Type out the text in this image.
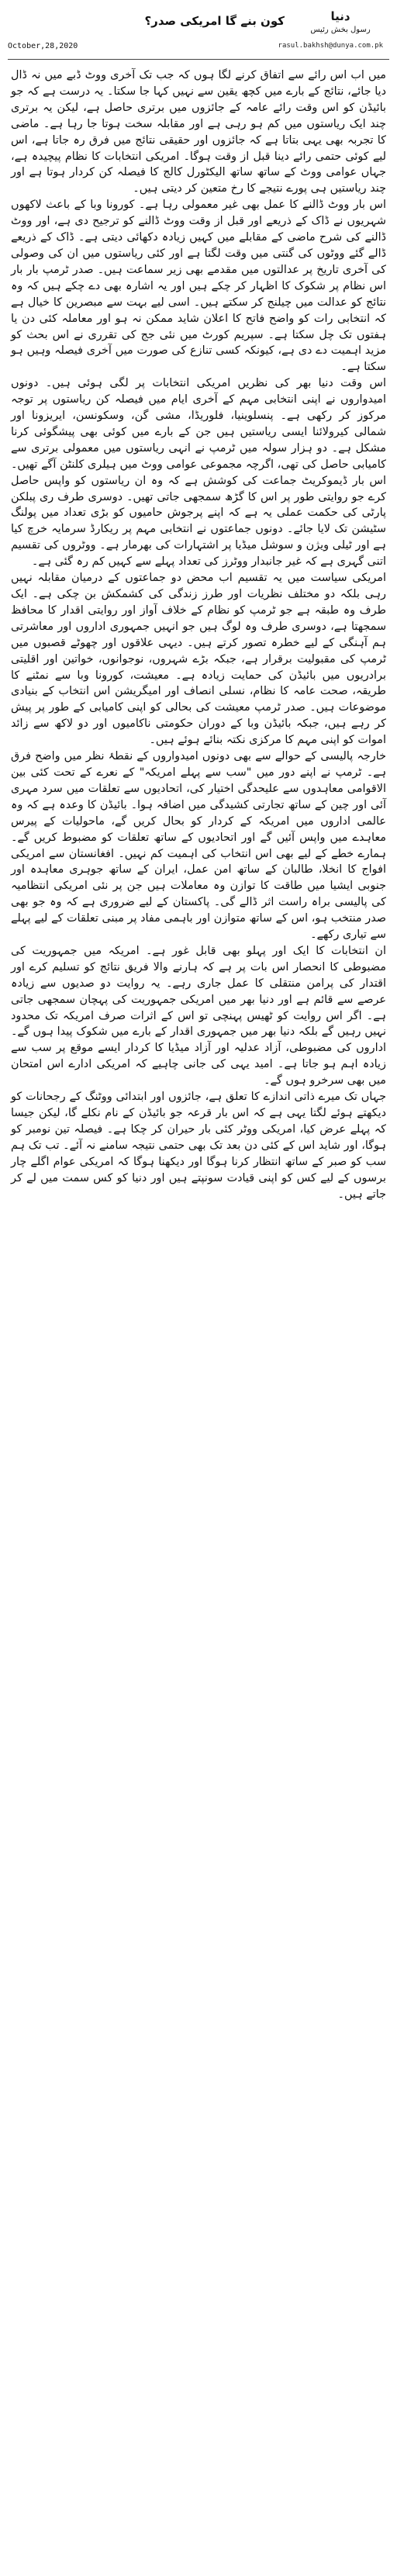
دنیا
رسول بخش رئیس
کون بنے گا امریکی صدر؟
October,28,2020	rasul.bakhsh@dunya.com.pk

میں اب اس رائے سے اتفاق کرنے لگا ہوں کہ جب تک آخری ووٹ ڈبے میں نہ ڈال دیا جائے، نتائج کے بارے میں کچھ یقین سے نہیں کہا جا سکتا۔ یہ درست ہے کہ جو بائیڈن کو اس وقت رائے عامہ کے جائزوں میں برتری حاصل ہے، لیکن یہ برتری چند ایک ریاستوں میں کم ہو رہی ہے اور مقابلہ سخت ہوتا جا رہا ہے۔ ماضی کا تجربہ بھی یہی بتاتا ہے کہ جائزوں اور حقیقی نتائج میں فرق رہ جاتا ہے، اس لیے کوئی حتمی رائے دینا قبل از وقت ہوگا۔ امریکی انتخابات کا نظام پیچیدہ ہے، جہاں عوامی ووٹ کے ساتھ ساتھ الیکٹورل کالج کا فیصلہ کن کردار ہوتا ہے اور چند ریاستیں ہی پورے نتیجے کا رخ متعین کر دیتی ہیں۔

اس بار ووٹ ڈالنے کا عمل بھی غیر معمولی رہا ہے۔ کورونا وبا کے باعث لاکھوں شہریوں نے ڈاک کے ذریعے اور قبل از وقت ووٹ ڈالنے کو ترجیح دی ہے، اور ووٹ ڈالنے کی شرح ماضی کے مقابلے میں کہیں زیادہ دکھائی دیتی ہے۔ ڈاک کے ذریعے ڈالے گئے ووٹوں کی گنتی میں وقت لگتا ہے اور کئی ریاستوں میں ان کی وصولی کی آخری تاریخ پر عدالتوں میں مقدمے بھی زیر سماعت ہیں۔ صدر ٹرمپ بار بار اس نظام پر شکوک کا اظہار کر چکے ہیں اور یہ اشارہ بھی دے چکے ہیں کہ وہ نتائج کو عدالت میں چیلنج کر سکتے ہیں۔ اسی لیے بہت سے مبصرین کا خیال ہے کہ انتخابی رات کو واضح فاتح کا اعلان شاید ممکن نہ ہو اور معاملہ کئی دن یا ہفتوں تک چل سکتا ہے۔ سپریم کورٹ میں نئی جج کی تقرری نے اس بحث کو مزید اہمیت دے دی ہے، کیونکہ کسی تنازع کی صورت میں آخری فیصلہ وہیں ہو سکتا ہے۔

اس وقت دنیا بھر کی نظریں امریکی انتخابات پر لگی ہوئی ہیں۔ دونوں امیدواروں نے اپنی انتخابی مہم کے آخری ایام میں فیصلہ کن ریاستوں پر توجہ مرکوز کر رکھی ہے۔ پنسلوینیا، فلوریڈا، مشی گن، وسکونسن، ایریزونا اور شمالی کیرولائنا ایسی ریاستیں ہیں جن کے بارے میں کوئی بھی پیشگوئی کرنا مشکل ہے۔ دو ہزار سولہ میں ٹرمپ نے انہی ریاستوں میں معمولی برتری سے کامیابی حاصل کی تھی، اگرچہ مجموعی عوامی ووٹ میں ہیلری کلنٹن آگے تھیں۔ اس بار ڈیموکریٹ جماعت کی کوشش ہے کہ وہ ان ریاستوں کو واپس حاصل کرے جو روایتی طور پر اس کا گڑھ سمجھی جاتی تھیں۔ دوسری طرف ری پبلکن پارٹی کی حکمت عملی یہ ہے کہ اپنے پرجوش حامیوں کو بڑی تعداد میں پولنگ سٹیشن تک لایا جائے۔ دونوں جماعتوں نے انتخابی مہم پر ریکارڈ سرمایہ خرچ کیا ہے اور ٹیلی ویژن و سوشل میڈیا پر اشتہارات کی بھرمار ہے۔ ووٹروں کی تقسیم اتنی گہری ہے کہ غیر جانبدار ووٹرز کی تعداد پہلے سے کہیں کم رہ گئی ہے۔

امریکی سیاست میں یہ تقسیم اب محض دو جماعتوں کے درمیان مقابلہ نہیں رہی بلکہ دو مختلف نظریات اور طرز زندگی کی کشمکش بن چکی ہے۔ ایک طرف وہ طبقہ ہے جو ٹرمپ کو نظام کے خلاف آواز اور روایتی اقدار کا محافظ سمجھتا ہے، دوسری طرف وہ لوگ ہیں جو انہیں جمہوری اداروں اور معاشرتی ہم آہنگی کے لیے خطرہ تصور کرتے ہیں۔ دیہی علاقوں اور چھوٹے قصبوں میں ٹرمپ کی مقبولیت برقرار ہے، جبکہ بڑے شہروں، نوجوانوں، خواتین اور اقلیتی برادریوں میں بائیڈن کی حمایت زیادہ ہے۔ معیشت، کورونا وبا سے نمٹنے کا طریقہ، صحت عامہ کا نظام، نسلی انصاف اور امیگریشن اس انتخاب کے بنیادی موضوعات ہیں۔ صدر ٹرمپ معیشت کی بحالی کو اپنی کامیابی کے طور پر پیش کر رہے ہیں، جبکہ بائیڈن وبا کے دوران حکومتی ناکامیوں اور دو لاکھ سے زائد اموات کو اپنی مہم کا مرکزی نکتہ بنائے ہوئے ہیں۔

خارجہ پالیسی کے حوالے سے بھی دونوں امیدواروں کے نقطۂ نظر میں واضح فرق ہے۔ ٹرمپ نے اپنے دور میں "سب سے پہلے امریکہ" کے نعرے کے تحت کئی بین الاقوامی معاہدوں سے علیحدگی اختیار کی، اتحادیوں سے تعلقات میں سرد مہری آئی اور چین کے ساتھ تجارتی کشیدگی میں اضافہ ہوا۔ بائیڈن کا وعدہ ہے کہ وہ عالمی اداروں میں امریکہ کے کردار کو بحال کریں گے، ماحولیات کے پیرس معاہدے میں واپس آئیں گے اور اتحادیوں کے ساتھ تعلقات کو مضبوط کریں گے۔ ہمارے خطے کے لیے بھی اس انتخاب کی اہمیت کم نہیں۔ افغانستان سے امریکی افواج کا انخلا، طالبان کے ساتھ امن عمل، ایران کے ساتھ جوہری معاہدہ اور جنوبی ایشیا میں طاقت کا توازن وہ معاملات ہیں جن پر نئی امریکی انتظامیہ کی پالیسی براہ راست اثر ڈالے گی۔ پاکستان کے لیے ضروری ہے کہ وہ جو بھی صدر منتخب ہو، اس کے ساتھ متوازن اور باہمی مفاد پر مبنی تعلقات کے لیے پہلے سے تیاری رکھے۔

ان انتخابات کا ایک اور پہلو بھی قابل غور ہے۔ امریکہ میں جمہوریت کی مضبوطی کا انحصار اس بات پر ہے کہ ہارنے والا فریق نتائج کو تسلیم کرے اور اقتدار کی پرامن منتقلی کا عمل جاری رہے۔ یہ روایت دو صدیوں سے زیادہ عرصے سے قائم ہے اور دنیا بھر میں امریکی جمہوریت کی پہچان سمجھی جاتی ہے۔ اگر اس روایت کو ٹھیس پہنچی تو اس کے اثرات صرف امریکہ تک محدود نہیں رہیں گے بلکہ دنیا بھر میں جمہوری اقدار کے بارے میں شکوک پیدا ہوں گے۔ اداروں کی مضبوطی، آزاد عدلیہ اور آزاد میڈیا کا کردار ایسے موقع پر سب سے زیادہ اہم ہو جاتا ہے۔ امید یہی کی جانی چاہیے کہ امریکی ادارے اس امتحان میں بھی سرخرو ہوں گے۔

جہاں تک میرے ذاتی اندازے کا تعلق ہے، جائزوں اور ابتدائی ووٹنگ کے رجحانات کو دیکھتے ہوئے لگتا یہی ہے کہ اس بار قرعہ جو بائیڈن کے نام نکلے گا، لیکن جیسا کہ پہلے عرض کیا، امریکی ووٹر کئی بار حیران کر چکا ہے۔ فیصلہ تین نومبر کو ہوگا، اور شاید اس کے کئی دن بعد تک بھی حتمی نتیجہ سامنے نہ آئے۔ تب تک ہم سب کو صبر کے ساتھ انتظار کرنا ہوگا اور دیکھنا ہوگا کہ امریکی عوام اگلے چار برسوں کے لیے کس کو اپنی قیادت سونپتے ہیں اور دنیا کو کس سمت میں لے کر جاتے ہیں۔
